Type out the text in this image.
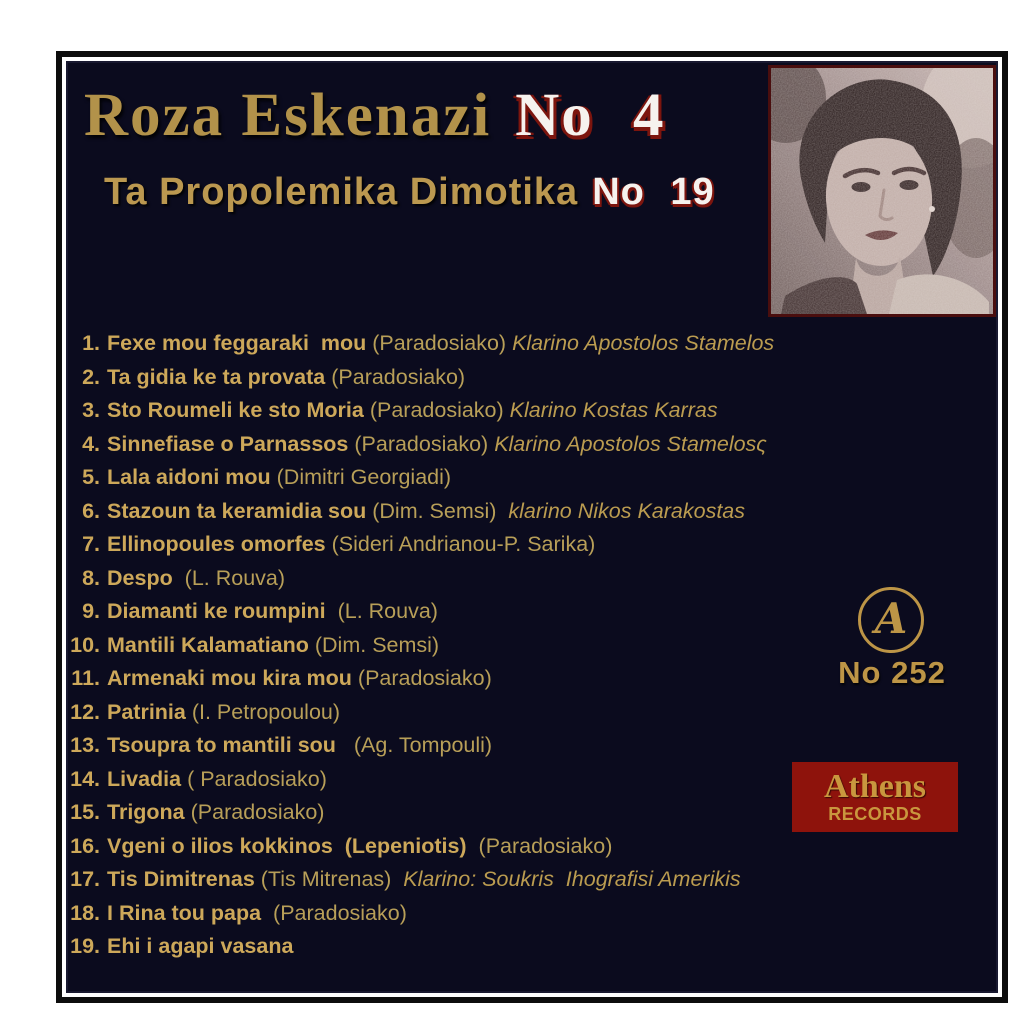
Roza Eskenazi No 4
Ta Propolemika Dimotika No 19
1. Fexe mou feggaraki  mou (Paradosiako) Klarino Apostolos Stamelos
2. Ta gidia ke ta provata (Paradosiako)
3. Sto Roumeli ke sto Moria (Paradosiako) Klarino Kostas Karras
4. Sinnefiase o Parnassos (Paradosiako) Klarino Apostolos Stamelosς
5. Lala aidoni mou (Dimitri Georgiadi)
6. Stazoun ta keramidia sou (Dim. Semsi) klarino Nikos Karakostas
7. Ellinopoules omorfes (Sideri Andrianou-P. Sarika)
8. Despo (L. Rouva)
9. Diamanti ke roumpini (L. Rouva)
10. Mantili Kalamatiano (Dim. Semsi)
11. Armenaki mou kira mou (Paradosiako)
12. Patrinia (I. Petropoulou)
13. Tsoupra to mantili sou (Ag. Tompouli)
14. Livadia ( Paradosiako)
15. Trigona (Paradosiako)
16. Vgeni o ilios kokkinos  (Lepeniotis) (Paradosiako)
17. Tis Dimitrenas (Tis Mitrenas) Klarino: Soukris  Ihografisi Amerikis
18. I Rina tou papa (Paradosiako)
19. Ehi i agapi vasana
A
No 252
Athens
RECORDS
